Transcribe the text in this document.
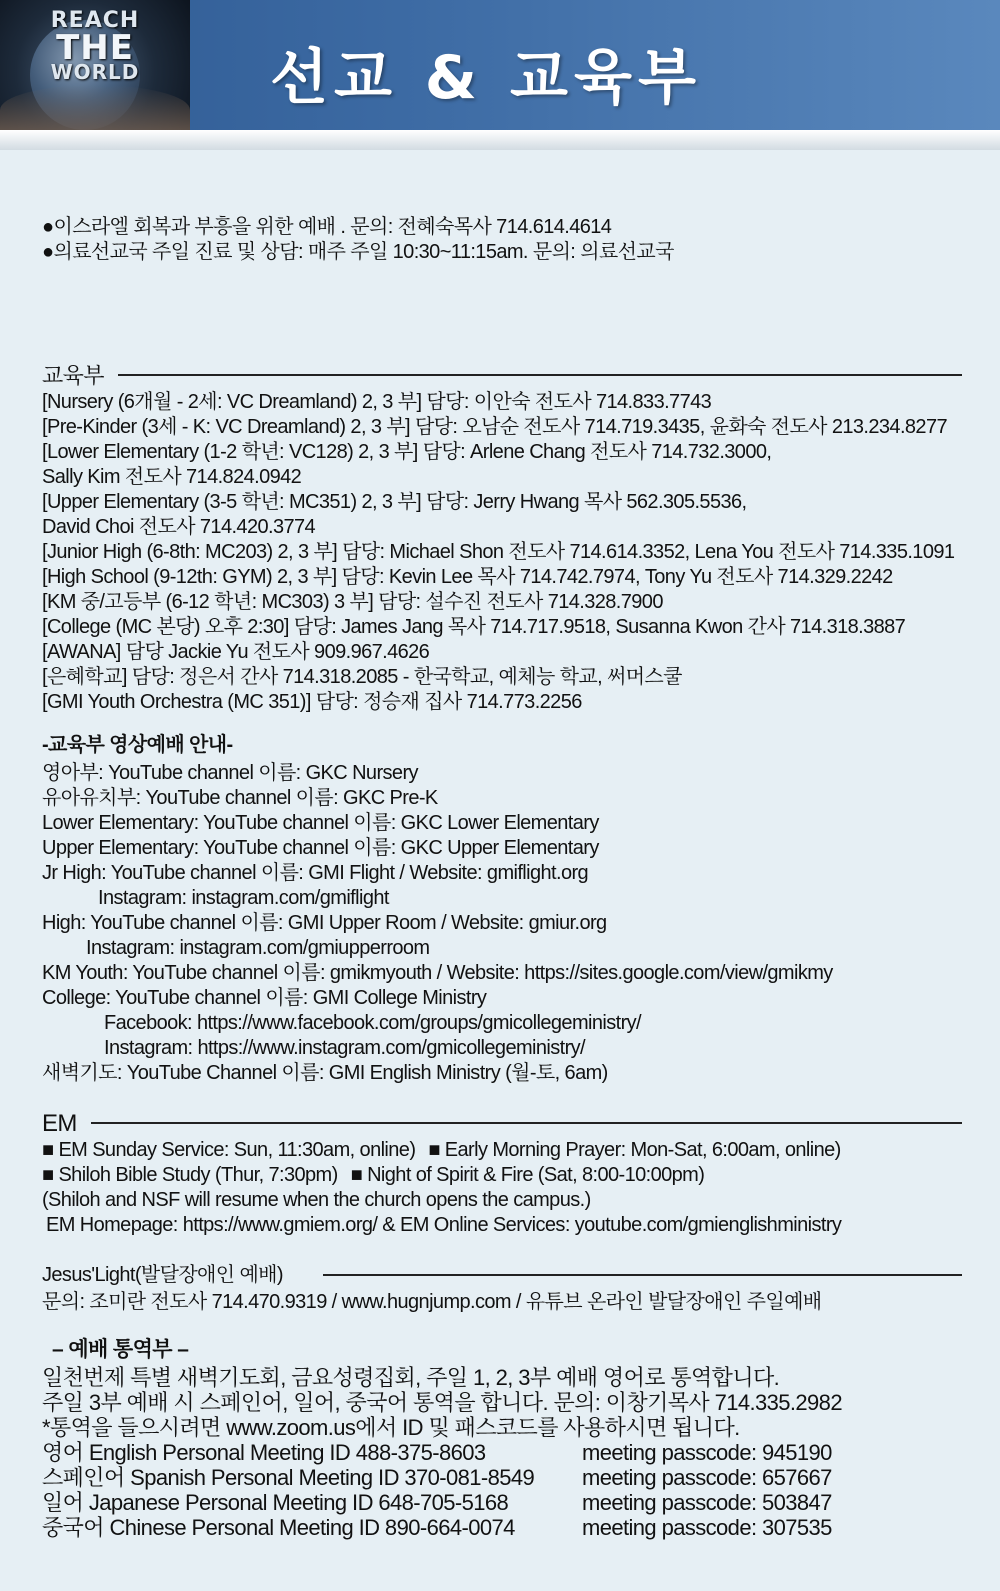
REACH
THE
WORLD	선교 & 교육부
●이스라엘 회복과 부흥을 위한 예배 . 문의: 전혜숙목사 714.614.4614
●의료선교국 주일 진료 및 상담: 매주 주일 10:30~11:15am. 문의: 의료선교국
교육부
[Nursery (6개월 - 2세: VC Dreamland) 2, 3 부] 담당: 이안숙 전도사 714.833.7743
[Pre-Kinder (3세 - K: VC Dreamland) 2, 3 부] 담당: 오남순 전도사 714.719.3435, 윤화숙 전도사 213.234.8277
[Lower Elementary (1-2 학년: VC128) 2, 3 부] 담당: Arlene Chang 전도사 714.732.3000,
Sally Kim 전도사 714.824.0942
[Upper Elementary (3-5 학년: MC351) 2, 3 부] 담당: Jerry Hwang 목사 562.305.5536,
David Choi 전도사 714.420.3774
[Junior High (6-8th: MC203) 2, 3 부] 담당: Michael Shon 전도사 714.614.3352, Lena You 전도사 714.335.1091
[High School (9-12th: GYM) 2, 3 부] 담당: Kevin Lee 목사 714.742.7974, Tony Yu 전도사 714.329.2242
[KM 중/고등부 (6-12 학년: MC303) 3 부] 담당: 설수진 전도사 714.328.7900
[College (MC 본당) 오후 2:30] 담당: James Jang 목사 714.717.9518, Susanna Kwon 간사 714.318.3887
[AWANA] 담당 Jackie Yu 전도사 909.967.4626
[은혜학교] 담당: 정은서 간사 714.318.2085 - 한국학교, 예체능 학교, 써머스쿨
[GMI Youth Orchestra (MC 351)] 담당: 정승재 집사 714.773.2256
-교육부 영상예배 안내-
영아부: YouTube channel 이름: GKC Nursery
유아유치부: YouTube channel 이름: GKC Pre-K
Lower Elementary: YouTube channel 이름: GKC Lower Elementary
Upper Elementary: YouTube channel 이름: GKC Upper Elementary
Jr High: YouTube channel 이름: GMI Flight / Website: gmiflight.org
Instagram: instagram.com/gmiflight
High: YouTube channel 이름: GMI Upper Room / Website: gmiur.org
Instagram: instagram.com/gmiupperroom
KM Youth: YouTube channel 이름: gmikmyouth / Website: https://sites.google.com/view/gmikmy
College: YouTube channel 이름: GMI College Ministry
Facebook: https://www.facebook.com/groups/gmicollegeministry/
Instagram: https://www.instagram.com/gmicollegeministry/
새벽기도: YouTube Channel 이름: GMI English Ministry (월-토, 6am)
EM
■ EM Sunday Service: Sun, 11:30am, online) ■ Early Morning Prayer: Mon-Sat, 6:00am, online)
■ Shiloh Bible Study (Thur, 7:30pm) ■ Night of Spirit & Fire (Sat, 8:00-10:00pm)
(Shiloh and NSF will resume when the church opens the campus.)
EM Homepage: https://www.gmiem.org/ & EM Online Services: youtube.com/gmienglishministry
Jesus'Light(발달장애인 예배)
문의: 조미란 전도사 714.470.9319 / www.hugnjump.com / 유튜브 온라인 발달장애인 주일예배
– 예배 통역부 –
일천번제 특별 새벽기도회, 금요성령집회, 주일 1, 2, 3부 예배 영어로 통역합니다.
주일 3부 예배 시 스페인어, 일어, 중국어 통역을 합니다. 문의: 이창기목사 714.335.2982
*통역을 들으시려면 www.zoom.us에서 ID 및 패스코드를 사용하시면 됩니다.
영어 English Personal Meeting ID 488-375-8603	meeting passcode: 945190
스페인어 Spanish Personal Meeting ID 370-081-8549	meeting passcode: 657667
일어 Japanese Personal Meeting ID 648-705-5168	meeting passcode: 503847
중국어 Chinese Personal Meeting ID 890-664-0074	meeting passcode: 307535
